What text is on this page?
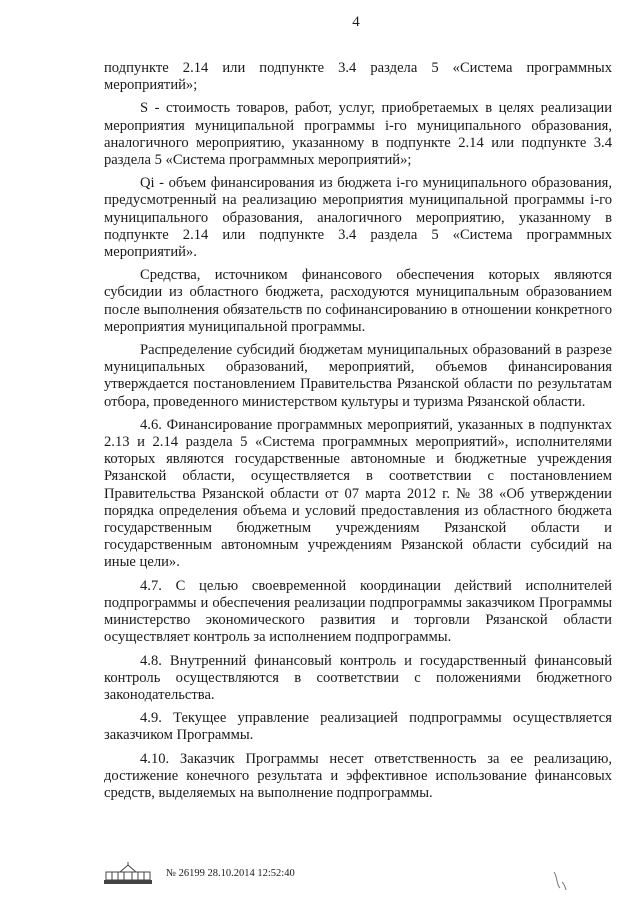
4

подпункте 2.14 или подпункте 3.4 раздела 5 «Система программных мероприятий»;

S - стоимость товаров, работ, услуг, приобретаемых в целях реализации мероприятия муниципальной программы i-го муниципального образования, аналогичного мероприятию, указанному в подпункте 2.14 или подпункте 3.4 раздела 5 «Система программных мероприятий»;

Qi - объем финансирования из бюджета i-го муниципального образования, предусмотренный на реализацию мероприятия муниципальной программы i-го муниципального образования, аналогичного мероприятию, указанному в подпункте 2.14 или подпункте 3.4 раздела 5 «Система программных мероприятий».

Средства, источником финансового обеспечения которых являются субсидии из областного бюджета, расходуются муниципальным образованием после выполнения обязательств по софинансированию в отношении конкретного мероприятия муниципальной программы.

Распределение субсидий бюджетам муниципальных образований в разрезе муниципальных образований, мероприятий, объемов финансирования утверждается постановлением Правительства Рязанской области по результатам отбора, проведенного министерством культуры и туризма Рязанской области.

4.6. Финансирование программных мероприятий, указанных в подпунктах 2.13 и 2.14 раздела 5 «Система программных мероприятий», исполнителями которых являются государственные автономные и бюджетные учреждения Рязанской области, осуществляется в соответствии с постановлением Правительства Рязанской области от 07 марта 2012 г. № 38 «Об утверждении порядка определения объема и условий предоставления из областного бюджета государственным бюджетным учреждениям Рязанской области и государственным автономным учреждениям Рязанской области субсидий на иные цели».

4.7. С целью своевременной координации действий исполнителей подпрограммы и обеспечения реализации подпрограммы заказчиком Программы министерство экономического развития и торговли Рязанской области осуществляет контроль за исполнением подпрограммы.

4.8. Внутренний финансовый контроль и государственный финансовый контроль осуществляются в соответствии с положениями бюджетного законодательства.

4.9. Текущее управление реализацией подпрограммы осуществляется заказчиком Программы.

4.10. Заказчик Программы несет ответственность за ее реализацию, достижение конечного результата и эффективное использование финансовых средств, выделяемых на выполнение подпрограммы.

№ 26199 28.10.2014 12:52:40
